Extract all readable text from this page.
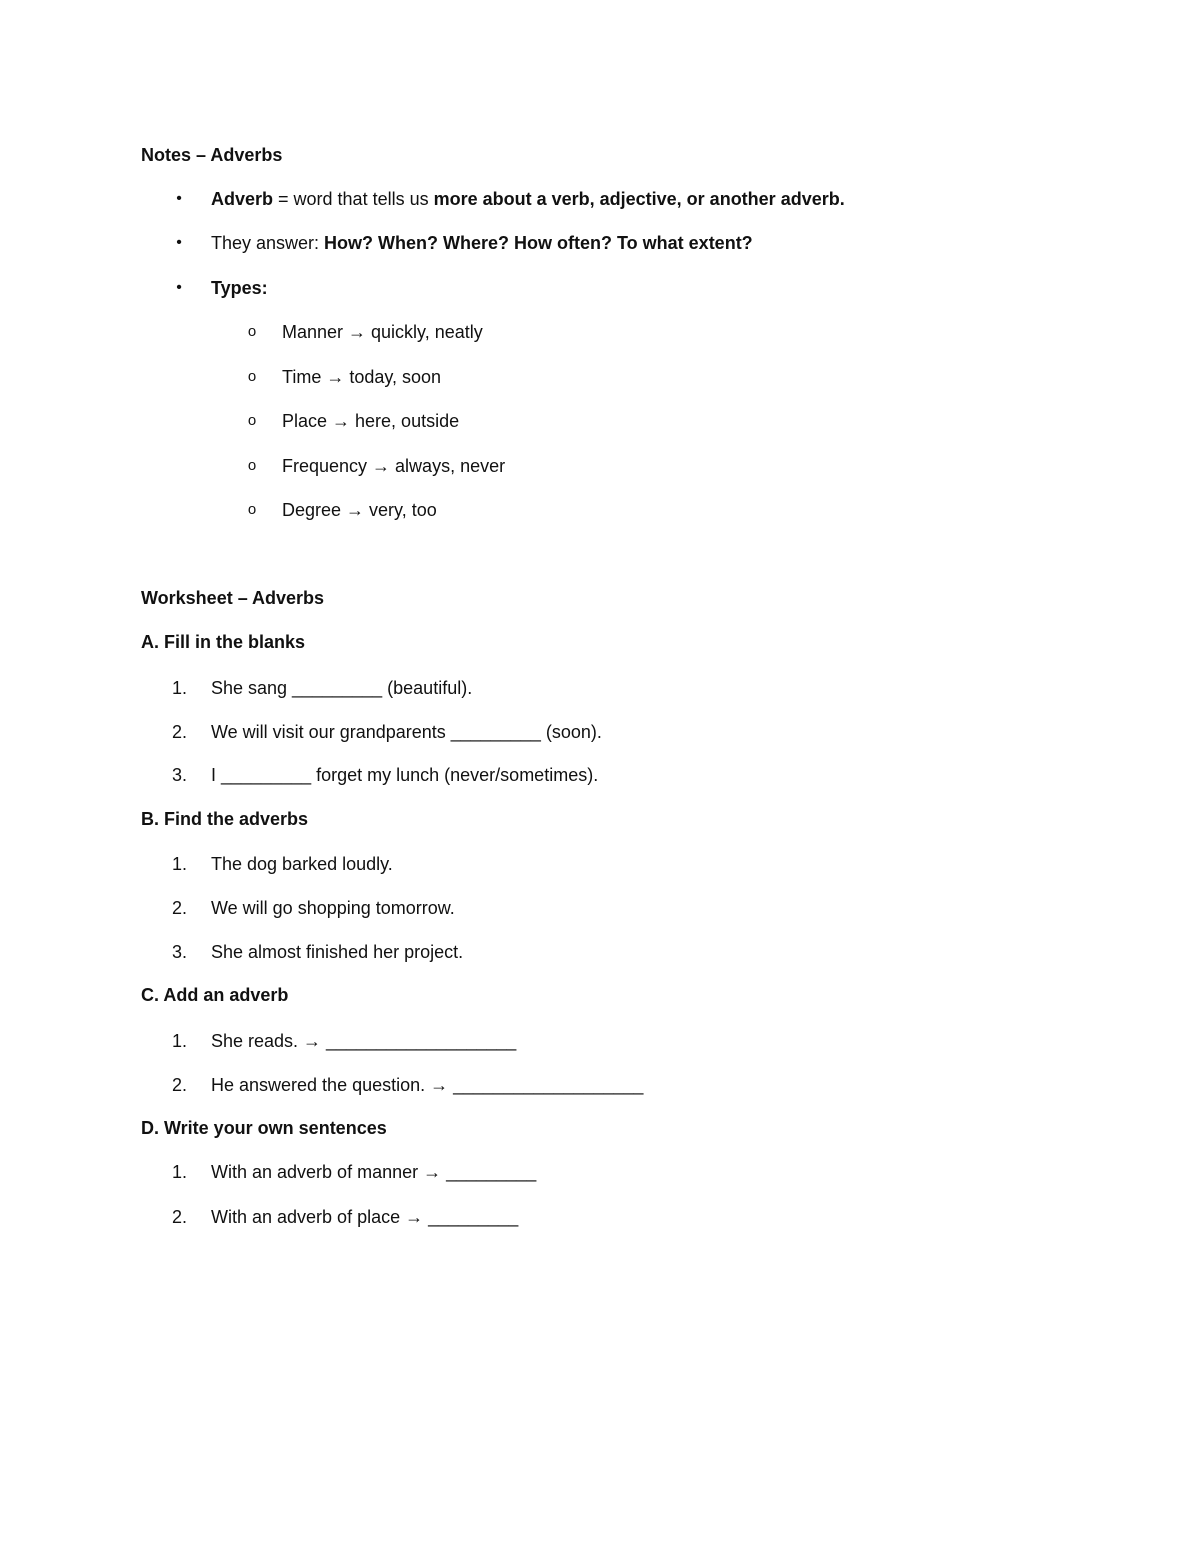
Notes – Adverbs
• Adverb = word that tells us more about a verb, adjective, or another adverb.
• They answer: How? When? Where? How often? To what extent?
• Types:
o Manner → quickly, neatly
o Time → today, soon
o Place → here, outside
o Frequency → always, never
o Degree → very, too
Worksheet – Adverbs
A. Fill in the blanks
1.	She sang _________ (beautiful).
2.	We will visit our grandparents _________ (soon).
3.	I _________ forget my lunch (never/sometimes).
B. Find the adverbs
1.	The dog barked loudly.
2.	We will go shopping tomorrow.
3.	She almost finished her project.
C. Add an adverb
1.	She reads. → ___________________
2.	He answered the question. → ___________________
D. Write your own sentences
1.	With an adverb of manner → _________
2.	With an adverb of place → _________
